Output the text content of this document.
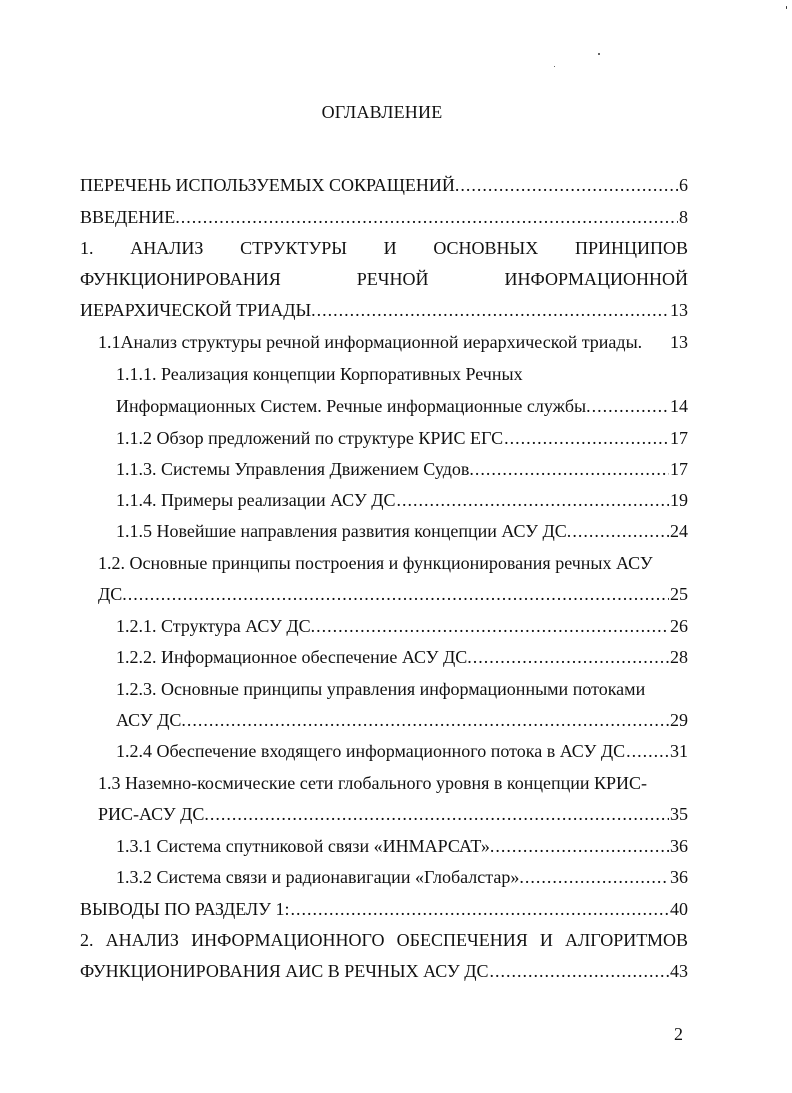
ОГЛАВЛЕНИЕ
ПЕРЕЧЕНЬ ИСПОЛЬЗУЕМЫХ СОКРАЩЕНИЙ. .....	6
ВВЕДЕНИЕ. .....	8
1. АНАЛИЗ СТРУКТУРЫ И ОСНОВНЫХ ПРИНЦИПОВ
ФУНКЦИОНИРОВАНИЯ	РЕЧНОЙ	ИНФОРМАЦИОННОЙ
ИЕРАРХИЧЕСКОЙ ТРИАДЫ. .....	13
1.1Анализ структуры речной информационной иерархической триады. 13
1.1.1. Реализация концепции Корпоративных Речных
Информационных Систем. Речные информационные службы. .....	14
1.1.2 Обзор предложений по структуре КРИС ЕГС .....	17
1.1.3. Системы Управления Движением Судов. .....	17
1.1.4. Примеры реализации АСУ ДС .....	19
1.1.5 Новейшие направления развития концепции АСУ ДС. .....	24
1.2. Основные принципы построения и функционирования речных АСУ
ДС. .....	25
1.2.1. Структура АСУ ДС. .....	26
1.2.2. Информационное обеспечение АСУ ДС. .....	28
1.2.3. Основные принципы управления информационными потоками
АСУ ДС. .....	29
1.2.4 Обеспечение входящего информационного потока в АСУ ДС ..... 31
1.3 Наземно-космические сети глобального уровня в концепции КРИС-
РИС-АСУ ДС. .....	35
1.3.1 Система спутниковой связи «ИНМАРСАТ». .....	36
1.3.2 Система связи и радионавигации «Глобалстар». .....	36
ВЫВОДЫ ПО РАЗДЕЛУ 1: .....	40
2. АНАЛИЗ ИНФОРМАЦИОННОГО ОБЕСПЕЧЕНИЯ И АЛГОРИТМОВ
ФУНКЦИОНИРОВАНИЯ АИС В РЕЧНЫХ АСУ ДС .....	43
2
